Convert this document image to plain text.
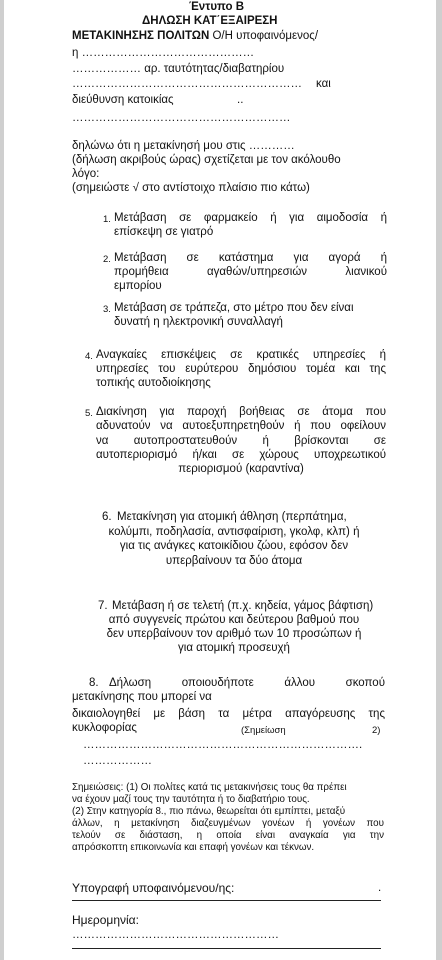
Έντυπο Β
ΔΗΛΩΣΗ ΚΑΤ΄ΕΞΑΙΡΕΣΗ
ΜΕΤΑΚΙΝΗΣΗΣ ΠΟΛΙΤΩΝ Ο/Η υποφαινόμενος/
η ………………………………………
……………… αρ. ταυτότητας/διαβατηρίου
…………………………………………………… και
διεύθυνση κατοικίας	..
…………………………………………………
δηλώνω ότι η μετακίνησή μου στις …………
(δήλωση ακριβούς ώρας) σχετίζεται με τον ακόλουθο
λόγο:
(σημειώστε √ στο αντίστοιχο πλαίσιο πιο κάτω)
1. Μετάβαση σε φαρμακείο ή για αιμοδοσία ή
επίσκεψη σε γιατρό
2. Μετάβαση σε κατάστημα για αγορά ή
προμήθεια αγαθών/υπηρεσιών λιανικού
εμπορίου
3. Μετάβαση σε τράπεζα, στο μέτρο που δεν είναι
δυνατή η ηλεκτρονική συναλλαγή
4. Αναγκαίες επισκέψεις σε κρατικές υπηρεσίες ή
υπηρεσίες του ευρύτερου δημόσιου τομέα και της
τοπικής αυτοδιοίκησης
5. Διακίνηση για παροχή βοήθειας σε άτομα που
αδυνατούν να αυτοεξυπηρετηθούν ή που οφείλουν
να αυτοπροστατευθούν ή βρίσκονται σε
αυτοπεριορισμό ή/και σε χώρους υποχρεωτικού
περιορισμού (καραντίνα)
6. Μετακίνηση για ατομική άθληση (περπάτημα,
κολύμπι, ποδηλασία, αντισφαίριση, γκολφ, κλπ) ή
για τις ανάγκες κατοικίδιου ζώου, εφόσον δεν
υπερβαίνουν τα δύο άτομα
7. Μετάβαση ή σε τελετή (π.χ. κηδεία, γάμος βάφτιση)
από συγγενείς πρώτου και δεύτερου βαθμού που
δεν υπερβαίνουν τον αριθμό των 10 προσώπων ή
για ατομική προσευχή
8. Δήλωση οποιουδήποτε άλλου σκοπού
μετακίνησης που μπορεί να
δικαιολογηθεί με βάση τα μέτρα απαγόρευσης της
κυκλοφορίας	(Σημείωση	2)
……………………………………………………………….
………………
Σημειώσεις: (1) Οι πολίτες κατά τις μετακινήσεις τους θα πρέπει
να έχουν μαζί τους την ταυτότητα ή το διαβατήριο τους.
(2) Στην κατηγορία 8., πιο πάνω, θεωρείται ότι εμπίπτει, μεταξύ
άλλων, η μετακίνηση διαζευγμένων γονέων ή γονέων που
τελούν σε διάσταση, η οποία είναι αναγκαία για την
απρόσκοπτη επικοινωνία και επαφή γονέων και τέκνων.
Υπογραφή υποφαινόμενου/ης:	.
Ημερομηνία:
………………………………………………
